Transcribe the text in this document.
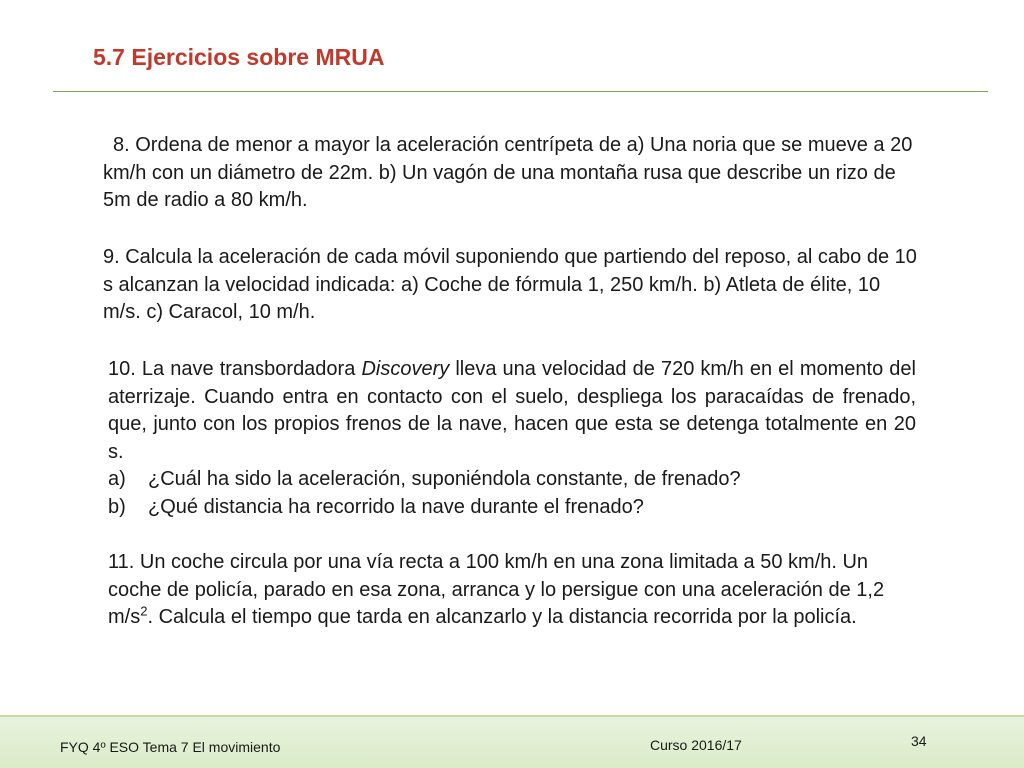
5.7 Ejercicios sobre MRUA

8. Ordena de menor a mayor la aceleración centrípeta de a) Una noria que se mueve a 20 km/h con un diámetro de 22m. b) Un vagón de una montaña rusa que describe un rizo de 5m de radio a 80 km/h.

9. Calcula la aceleración de cada móvil suponiendo que partiendo del reposo, al cabo de 10 s alcanzan la velocidad indicada: a) Coche de fórmula 1, 250 km/h. b) Atleta de élite, 10 m/s. c) Caracol, 10 m/h.

10. La nave transbordadora Discovery lleva una velocidad de 720 km/h en el momento del aterrizaje. Cuando entra en contacto con el suelo, despliega los paracaídas de frenado, que, junto con los propios frenos de la nave, hacen que esta se detenga totalmente en 20 s.
a)	¿Cuál ha sido la aceleración, suponiéndola constante, de frenado?
b)	¿Qué distancia ha recorrido la nave durante el frenado?

11. Un coche circula por una vía recta a 100 km/h en una zona limitada a 50 km/h. Un coche de policía, parado en esa zona, arranca y lo persigue con una aceleración de 1,2 $m/s^2$. Calcula el tiempo que tarda en alcanzarlo y la distancia recorrida por la policía.

FYQ 4º ESO Tema 7 El movimiento	Curso 2016/17	34
